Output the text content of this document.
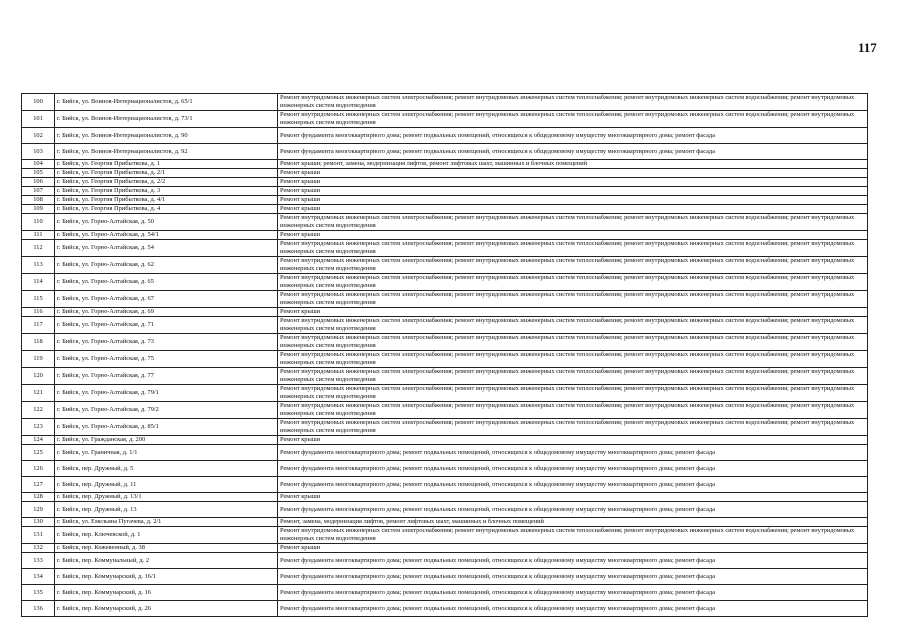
117
100	г. Бийск, ул. Воинов-Интернационалистов, д. 65/1	Ремонт внутридомовых инженерных систем электроснабжения; ремонт внутридомовых инженерных систем теплоснабжения; ремонт внутридомовых инженерных систем водоснабжения; ремонт внутридомовых инженерных систем водоотведения
101	г. Бийск, ул. Воинов-Интернационалистов, д. 73/1	Ремонт внутридомовых инженерных систем электроснабжения; ремонт внутридомовых инженерных систем теплоснабжения; ремонт внутридомовых инженерных систем водоснабжения; ремонт внутридомовых инженерных систем водоотведения
102	г. Бийск, ул. Воинов-Интернационалистов, д. 90	Ремонт фундамента многоквартирного дома; ремонт подвальных помещений, относящихся к общедомовому имуществу многоквартирного дома; ремонт фасада
103	г. Бийск, ул. Воинов-Интернационалистов, д. 92	Ремонт фундамента многоквартирного дома; ремонт подвальных помещений, относящихся к общедомовому имуществу многоквартирного дома; ремонт фасада
104	г. Бийск, ул. Георгия Прибыткова, д. 1	Ремонт крыши; ремонт, замена, модернизация лифтов, ремонт лифтовых шахт, машинных и блочных помещений
105	г. Бийск, ул. Георгия Прибыткова, д. 2/1	Ремонт крыши
106	г. Бийск, ул. Георгия Прибыткова, д. 2/2	Ремонт крыши
107	г. Бийск, ул. Георгия Прибыткова, д. 3	Ремонт крыши
108	г. Бийск, ул. Георгия Прибыткова, д. 4/1	Ремонт крыши
109	г. Бийск, ул. Георгия Прибыткова, д. 4	Ремонт крыши
110	г. Бийск, ул. Горно-Алтайская, д. 50	Ремонт внутридомовых инженерных систем электроснабжения; ремонт внутридомовых инженерных систем теплоснабжения; ремонт внутридомовых инженерных систем водоснабжения; ремонт внутридомовых инженерных систем водоотведения
111	г. Бийск, ул. Горно-Алтайская, д. 54/1	Ремонт крыши
112	г. Бийск, ул. Горно-Алтайская, д. 54	Ремонт внутридомовых инженерных систем электроснабжения; ремонт внутридомовых инженерных систем теплоснабжения; ремонт внутридомовых инженерных систем водоснабжения; ремонт внутридомовых инженерных систем водоотведения
113	г. Бийск, ул. Горно-Алтайская, д. 62	Ремонт внутридомовых инженерных систем электроснабжения; ремонт внутридомовых инженерных систем теплоснабжения; ремонт внутридомовых инженерных систем водоснабжения; ремонт внутридомовых инженерных систем водоотведения
114	г. Бийск, ул. Горно-Алтайская, д. 65	Ремонт внутридомовых инженерных систем электроснабжения; ремонт внутридомовых инженерных систем теплоснабжения; ремонт внутридомовых инженерных систем водоснабжения; ремонт внутридомовых инженерных систем водоотведения
115	г. Бийск, ул. Горно-Алтайская, д. 67	Ремонт внутридомовых инженерных систем электроснабжения; ремонт внутридомовых инженерных систем теплоснабжения; ремонт внутридомовых инженерных систем водоснабжения; ремонт внутридомовых инженерных систем водоотведения
116	г. Бийск, ул. Горно-Алтайская, д. 69	Ремонт крыши
117	г. Бийск, ул. Горно-Алтайская, д. 71	Ремонт внутридомовых инженерных систем электроснабжения; ремонт внутридомовых инженерных систем теплоснабжения; ремонт внутридомовых инженерных систем водоснабжения; ремонт внутридомовых инженерных систем водоотведения
118	г. Бийск, ул. Горно-Алтайская, д. 73	Ремонт внутридомовых инженерных систем электроснабжения; ремонт внутридомовых инженерных систем теплоснабжения; ремонт внутридомовых инженерных систем водоснабжения; ремонт внутридомовых инженерных систем водоотведения
119	г. Бийск, ул. Горно-Алтайская, д. 75	Ремонт внутридомовых инженерных систем электроснабжения; ремонт внутридомовых инженерных систем теплоснабжения; ремонт внутридомовых инженерных систем водоснабжения; ремонт внутридомовых инженерных систем водоотведения
120	г. Бийск, ул. Горно-Алтайская, д. 77	Ремонт внутридомовых инженерных систем электроснабжения; ремонт внутридомовых инженерных систем теплоснабжения; ремонт внутридомовых инженерных систем водоснабжения; ремонт внутридомовых инженерных систем водоотведения
121	г. Бийск, ул. Горно-Алтайская, д. 79/1	Ремонт внутридомовых инженерных систем электроснабжения; ремонт внутридомовых инженерных систем теплоснабжения; ремонт внутридомовых инженерных систем водоснабжения; ремонт внутридомовых инженерных систем водоотведения
122	г. Бийск, ул. Горно-Алтайская, д. 79/2	Ремонт внутридомовых инженерных систем электроснабжения; ремонт внутридомовых инженерных систем теплоснабжения; ремонт внутридомовых инженерных систем водоснабжения; ремонт внутридомовых инженерных систем водоотведения
123	г. Бийск, ул. Горно-Алтайская, д. 85/1	Ремонт внутридомовых инженерных систем электроснабжения; ремонт внутридомовых инженерных систем теплоснабжения; ремонт внутридомовых инженерных систем водоснабжения; ремонт внутридомовых инженерных систем водоотведения
124	г. Бийск, ул. Гражданская, д. 200	Ремонт крыши
125	г. Бийск, ул. Граничная, д. 1/1	Ремонт фундамента многоквартирного дома; ремонт подвальных помещений, относящихся к общедомовому имуществу многоквартирного дома; ремонт фасада
126	г. Бийск, пер. Дружный, д. 5	Ремонт фундамента многоквартирного дома; ремонт подвальных помещений, относящихся к общедомовому имуществу многоквартирного дома; ремонт фасада
127	г. Бийск, пер. Дружный, д. 11	Ремонт фундамента многоквартирного дома; ремонт подвальных помещений, относящихся к общедомовому имуществу многоквартирного дома; ремонт фасада
128	г. Бийск, пер. Дружный, д. 13/1	Ремонт крыши
129	г. Бийск, пер. Дружный, д. 13	Ремонт фундамента многоквартирного дома; ремонт подвальных помещений, относящихся к общедомовому имуществу многоквартирного дома; ремонт фасада
130	г. Бийск, ул. Емельяна Пугачева, д. 2/1	Ремонт, замена, модернизация лифтов, ремонт лифтовых шахт, машинных и блочных помещений
131	г. Бийск, пер. Ключевской, д. 1	Ремонт внутридомовых инженерных систем электроснабжения; ремонт внутридомовых инженерных систем теплоснабжения; ремонт внутридомовых инженерных систем водоснабжения; ремонт внутридомовых инженерных систем водоотведения
132	г. Бийск, пер. Кожевенный, д. 38	Ремонт крыши
133	г. Бийск, пер. Коммунальный, д. 2	Ремонт фундамента многоквартирного дома; ремонт подвальных помещений, относящихся к общедомовому имуществу многоквартирного дома; ремонт фасада
134	г. Бийск, пер. Коммунарский, д. 16/1	Ремонт фундамента многоквартирного дома; ремонт подвальных помещений, относящихся к общедомовому имуществу многоквартирного дома; ремонт фасада
135	г. Бийск, пер. Коммунарский, д. 16	Ремонт фундамента многоквартирного дома; ремонт подвальных помещений, относящихся к общедомовому имуществу многоквартирного дома; ремонт фасада
136	г. Бийск, пер. Коммунарский, д. 26	Ремонт фундамента многоквартирного дома; ремонт подвальных помещений, относящихся к общедомовому имуществу многоквартирного дома; ремонт фасада
